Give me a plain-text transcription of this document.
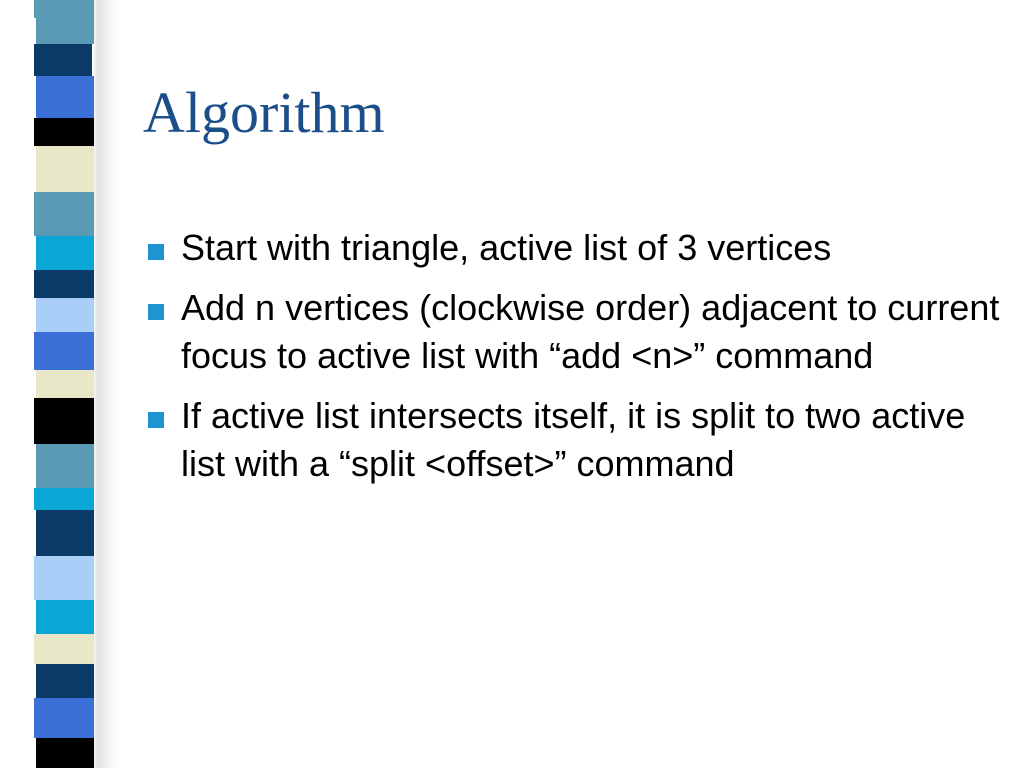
Algorithm
Start with triangle, active list of 3 vertices
Add n vertices (clockwise order) adjacent to current focus to active list with “add <n>” command
If active list intersects itself, it is split to two active list with a “split <offset>” command
